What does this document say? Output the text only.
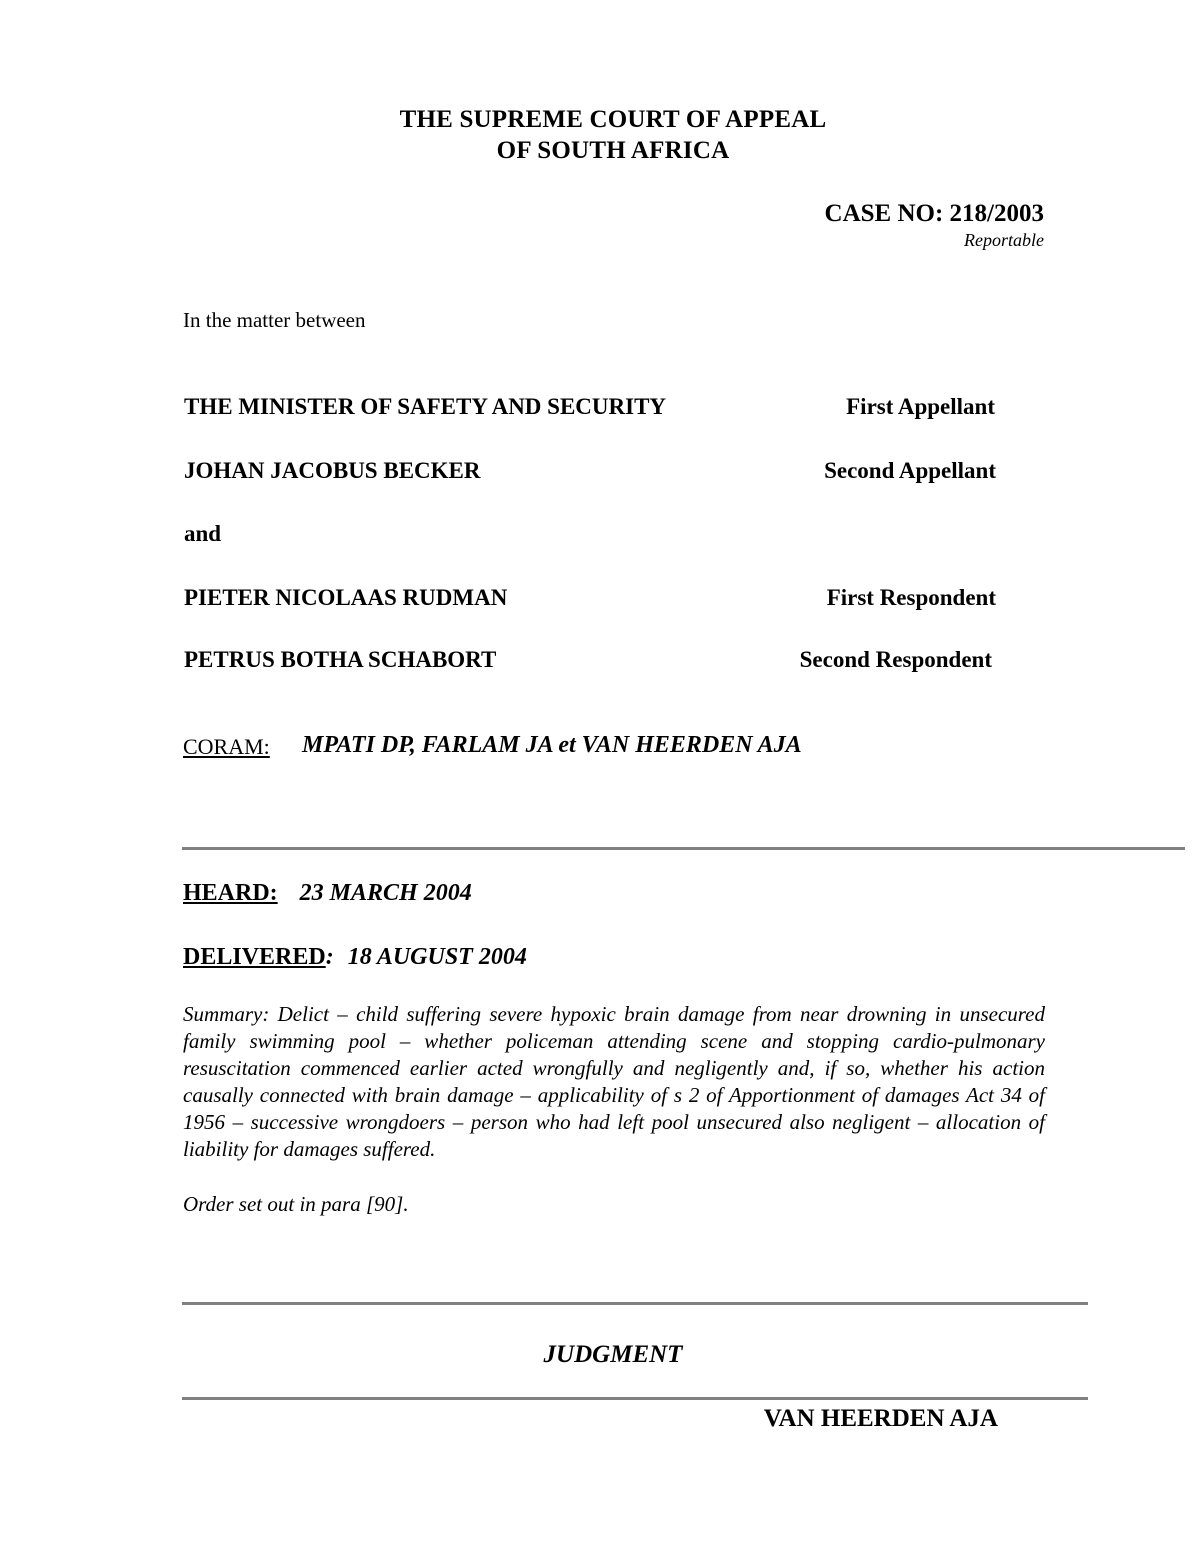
THE SUPREME COURT OF APPEAL
OF SOUTH AFRICA
CASE NO: 218/2003
Reportable
In the matter between
THE MINISTER OF SAFETY AND SECURITY	First Appellant
JOHAN JACOBUS BECKER	Second Appellant
and
PIETER NICOLAAS RUDMAN	First Respondent
PETRUS BOTHA SCHABORT	Second Respondent
CORAM: MPATI DP, FARLAM JA et VAN HEERDEN AJA
HEARD: 23 MARCH 2004
DELIVERED: 18 AUGUST 2004
Summary: Delict – child suffering severe hypoxic brain damage from near drowning in unsecured family swimming pool – whether policeman attending scene and stopping cardio-pulmonary resuscitation commenced earlier acted wrongfully and negligently and, if so, whether his action causally connected with brain damage – applicability of s 2 of Apportionment of damages Act 34 of 1956 – successive wrongdoers – person who had left pool unsecured also negligent – allocation of liability for damages suffered.
Order set out in para [90].
JUDGMENT
VAN HEERDEN AJA
